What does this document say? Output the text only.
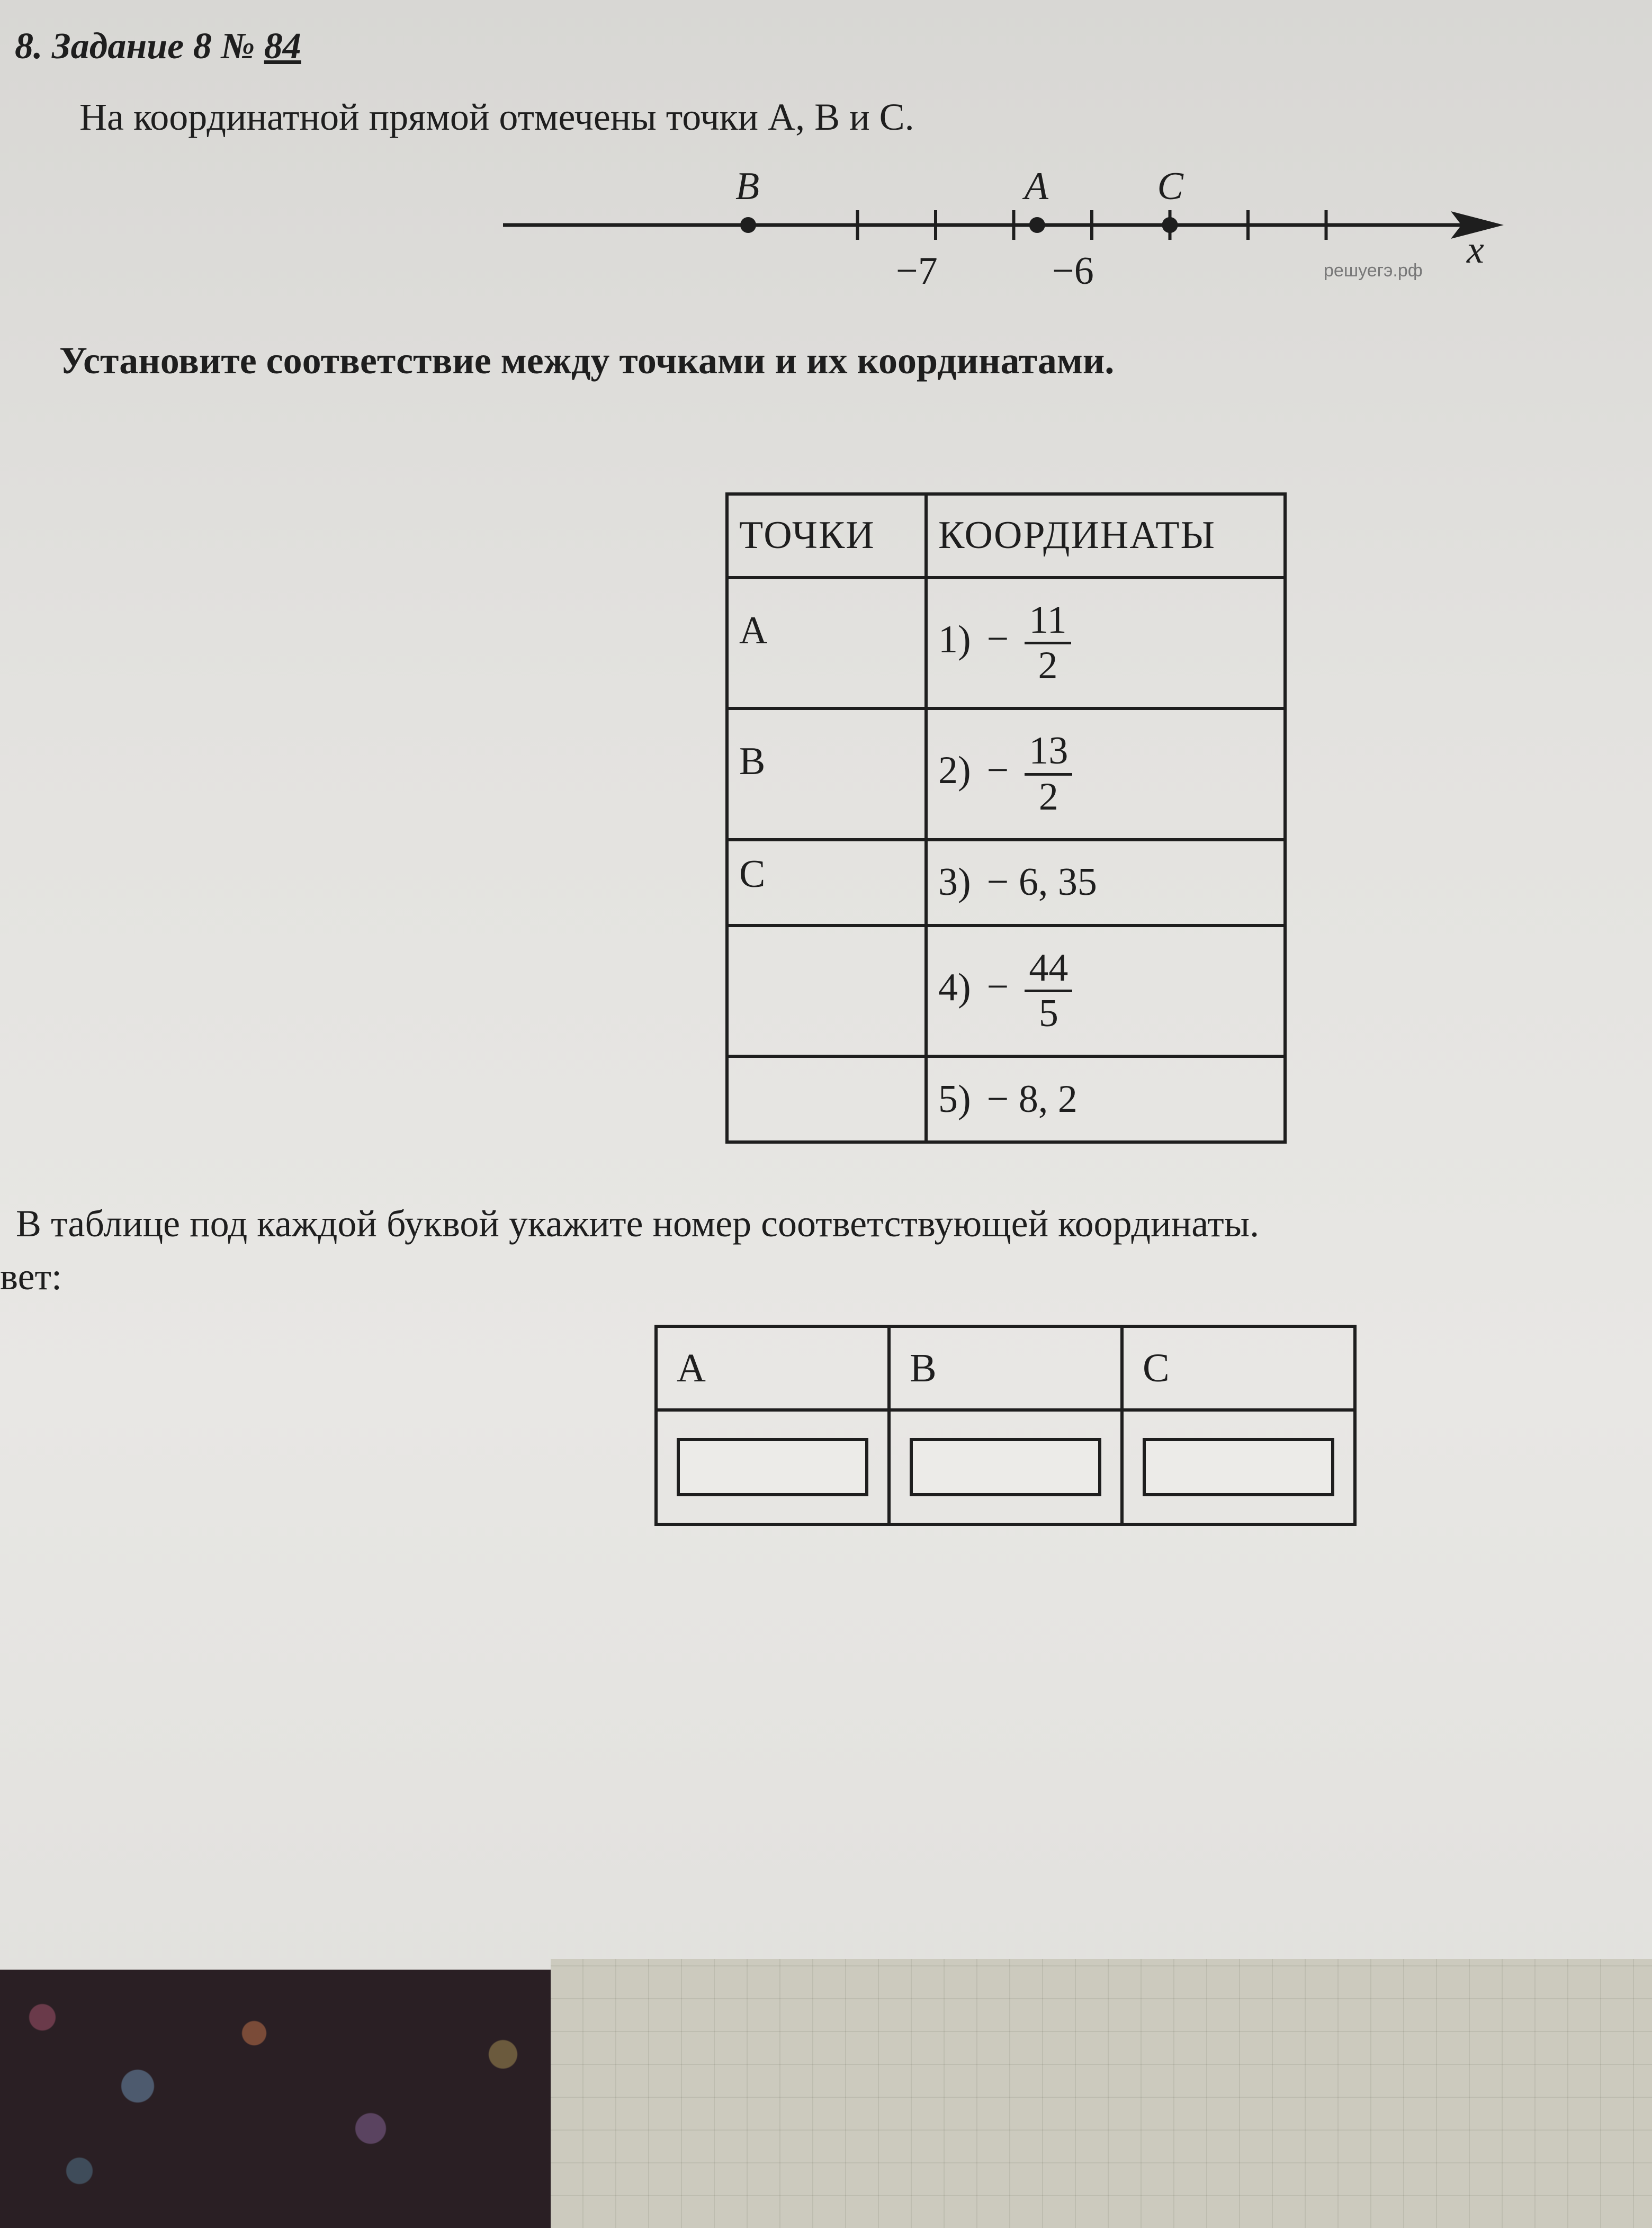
8. Задание 8 № 84

На координатной прямой отмечены точки A, B и C.

−7	−6
B	A	C
x
решуегэ.рф

Установите соответствие между точками и их координатами.

ТОЧКИ	КООРДИНАТЫ
A	$1) - \frac{11}{2}$

B	$2) - \frac{13}{2}$

C	3) − 6, 35
	$4) - \frac{44}{5}$

	5) − 8, 2

В таблице под каждой буквой укажите номер соответствующей координаты.

вет:

A	B	C
